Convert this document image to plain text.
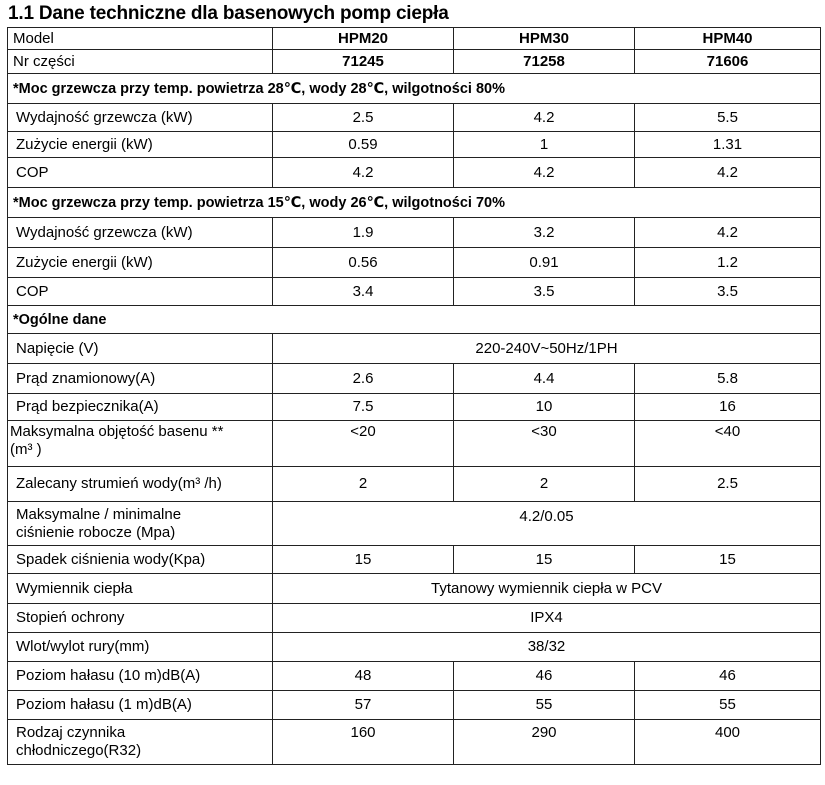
1.1 Dane techniczne dla basenowych pomp ciepła
Model	HPM20	HPM30	HPM40
Nr części	71245	71258	71606
*Moc grzewcza przy temp. powietrza 28℃, wody 28℃, wilgotności 80%			
Wydajność grzewcza (kW)	2.5	4.2	5.5
Zużycie energii (kW)	0.59	1	1.31
COP	4.2	4.2	4.2
*Moc grzewcza przy temp. powietrza 15℃, wody 26℃, wilgotności 70%			
Wydajność grzewcza (kW)	1.9	3.2	4.2
Zużycie energii (kW)	0.56	0.91	1.2
COP	3.4	3.5	3.5
*Ogólne dane			
Napięcie (V)	220-240V~50Hz/1PH		
Prąd znamionowy(A)	2.6	4.4	5.8
Prąd bezpiecznika(A)	7.5	10	16
Maksymalna objętość basenu **
(m³ )	<20	<30	<40
Zalecany strumień wody(m³ /h)	2	2	2.5
Maksymalne / minimalne
ciśnienie robocze (Mpa)	4.2/0.05		
Spadek ciśnienia wody(Kpa)	15	15	15
Wymiennik ciepła	Tytanowy wymiennik ciepła w PCV		
Stopień ochrony	IPX4		
Wlot/wylot rury(mm)	38/32		
Poziom hałasu (10 m)dB(A)	48	46	46
Poziom hałasu (1 m)dB(A)	57	55	55
Rodzaj czynnika
chłodniczego(R32)	160	290	400
